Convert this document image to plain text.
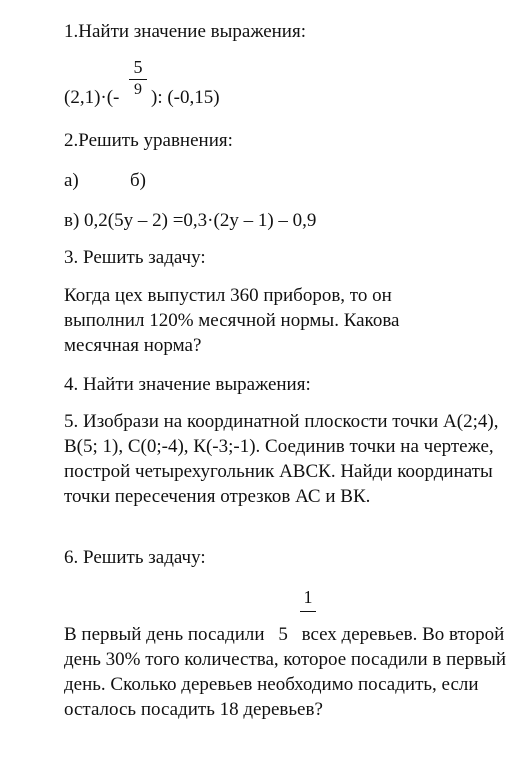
1.Найти значение выражения:
5
9
(2,1)·(- ): (-0,15)
2.Решить уравнения:
а)	б)
в) 0,2(5у – 2) =0,3·(2у – 1) – 0,9
3. Решить задачу:
Когда цех выпустил 360 приборов, то он выполнил 120% месячной нормы. Какова месячная норма?
4. Найти значение выражения:
5. Изобрази на координатной плоскости точки А(2;4), В(5; 1), С(0;-4), К(-3;-1). Соединив точки на чертеже, построй четырехугольник АВСК. Найди координаты точки пересечения отрезков АС и ВК.
6. Решить задачу:
1
В первый день посадили 5 всех деревьев. Во второй день 30% того количества, которое посадили в первый день. Сколько деревьев необходимо посадить, если осталось посадить 18 деревьев?
